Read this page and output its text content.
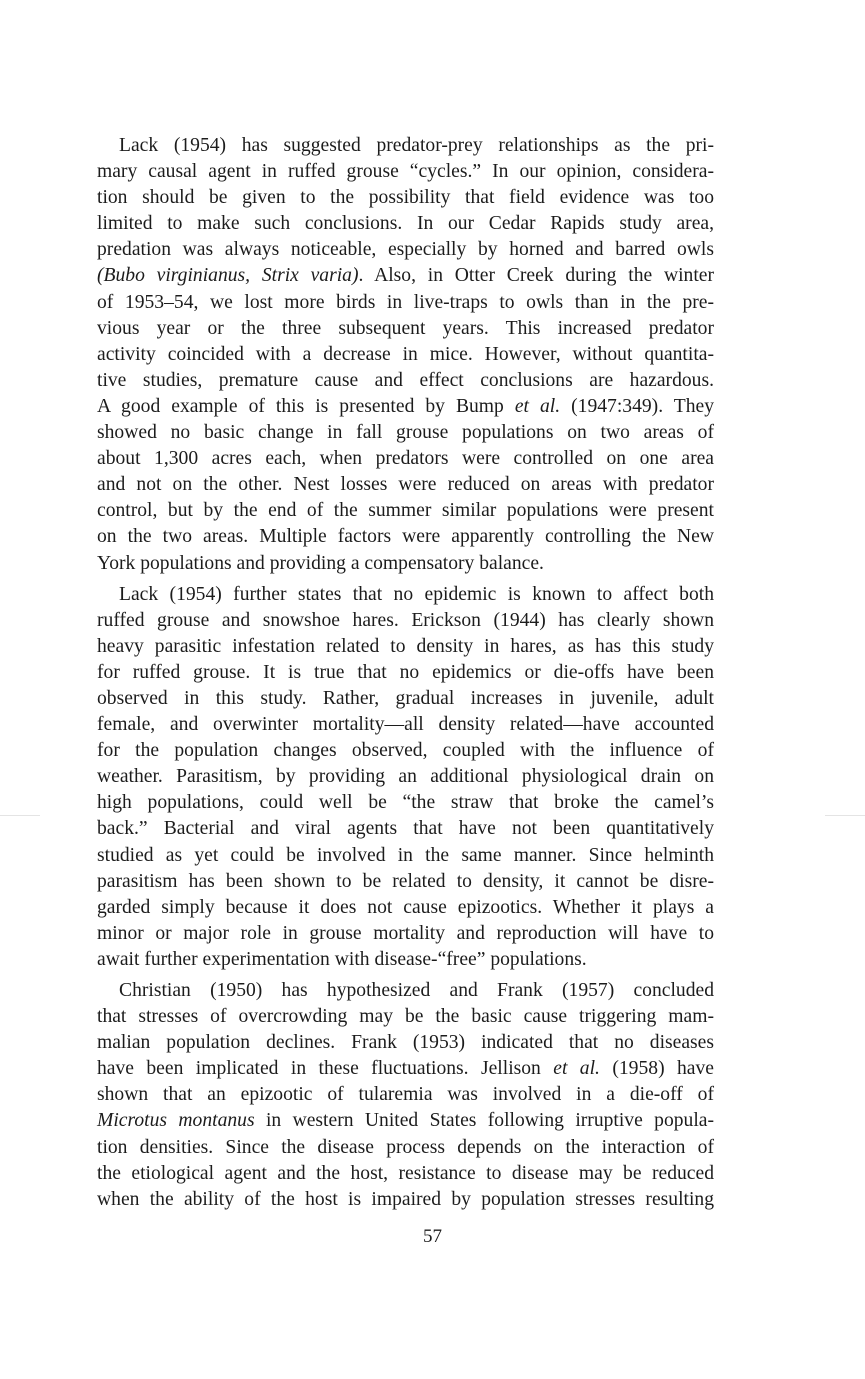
Lack (1954) has suggested predator-prey relationships as the pri-
mary causal agent in ruffed grouse “cycles.” In our opinion, considera-
tion should be given to the possibility that field evidence was too
limited to make such conclusions. In our Cedar Rapids study area,
predation was always noticeable, especially by horned and barred owls
(Bubo virginianus, Strix varia). Also, in Otter Creek during the winter
of 1953–54, we lost more birds in live-traps to owls than in the pre-
vious year or the three subsequent years. This increased predator
activity coincided with a decrease in mice. However, without quantita-
tive studies, premature cause and effect conclusions are hazardous.
A good example of this is presented by Bump et al. (1947:349). They
showed no basic change in fall grouse populations on two areas of
about 1,300 acres each, when predators were controlled on one area
and not on the other. Nest losses were reduced on areas with predator
control, but by the end of the summer similar populations were present
on the two areas. Multiple factors were apparently controlling the New
York populations and providing a compensatory balance.
Lack (1954) further states that no epidemic is known to affect both
ruffed grouse and snowshoe hares. Erickson (1944) has clearly shown
heavy parasitic infestation related to density in hares, as has this study
for ruffed grouse. It is true that no epidemics or die-offs have been
observed in this study. Rather, gradual increases in juvenile, adult
female, and overwinter mortality—all density related—have accounted
for the population changes observed, coupled with the influence of
weather. Parasitism, by providing an additional physiological drain on
high populations, could well be “the straw that broke the camel’s
back.” Bacterial and viral agents that have not been quantitatively
studied as yet could be involved in the same manner. Since helminth
parasitism has been shown to be related to density, it cannot be disre-
garded simply because it does not cause epizootics. Whether it plays a
minor or major role in grouse mortality and reproduction will have to
await further experimentation with disease-“free” populations.
Christian (1950) has hypothesized and Frank (1957) concluded
that stresses of overcrowding may be the basic cause triggering mam-
malian population declines. Frank (1953) indicated that no diseases
have been implicated in these fluctuations. Jellison et al. (1958) have
shown that an epizootic of tularemia was involved in a die-off of
Microtus montanus in western United States following irruptive popula-
tion densities. Since the disease process depends on the interaction of
the etiological agent and the host, resistance to disease may be reduced
when the ability of the host is impaired by population stresses resulting
57
